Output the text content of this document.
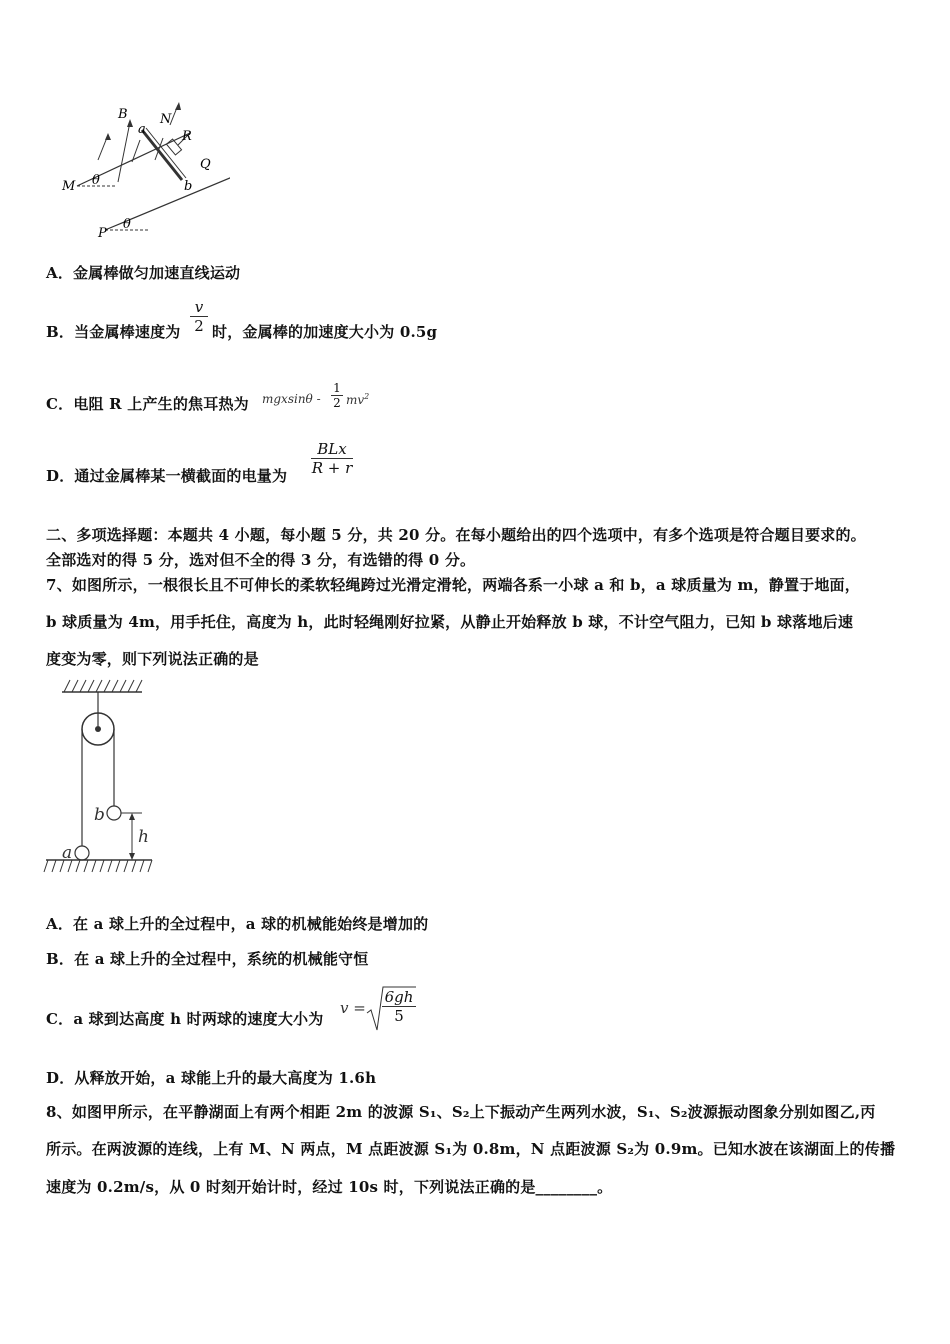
B
a
N
R
Q
M θ	b
P
θ
A．金属棒做匀加速直线运动
B．当金属棒速度为 $\frac{v}{2}$ 时，金属棒的加速度大小为 0.5g
C．电阻 R 上产生的焦耳热为 mgxsinθ - $\frac{1}{2} mv^2$
D．通过金属棒某一横截面的电量为
BLx
R + r
二、多项选择题：本题共 4 小题，每小题 5 分，共 20 分。在每小题给出的四个选项中，有多个选项是符合题目要求的。
全部选对的得 5 分，选对但不全的得 3 分，有选错的得 0 分。
7、如图所示，一根很长且不可伸长的柔软轻绳跨过光滑定滑轮，两端各系一小球 a 和 b，a 球质量为 m，静置于地面，
b 球质量为 4m，用手托住，高度为 h，此时轻绳刚好拉紧，从静止开始释放 b 球，不计空气阻力，已知 b 球落地后速
度变为零，则下列说法正确的是
b
h
a
A．在 a 球上升的全过程中，a 球的机械能始终是增加的
B．在 a 球上升的全过程中，系统的机械能守恒
C．a 球到达高度 h 时两球的速度大小为
$v = \frac{6gh}{5}$
D．从释放开始，a 球能上升的最大高度为 1.6h
8、如图甲所示，在平静湖面上有两个相距 2m 的波源 S₁、S₂上下振动产生两列水波，S₁、S₂波源振动图象分别如图乙,丙
所示。在两波源的连线，上有 M、N 两点，M 点距波源 S₁为 0.8m，N 点距波源 S₂为 0.9m。已知水波在该湖面上的传播
速度为 0.2m/s，从 0 时刻开始计时，经过 10s 时，下列说法正确的是________。
